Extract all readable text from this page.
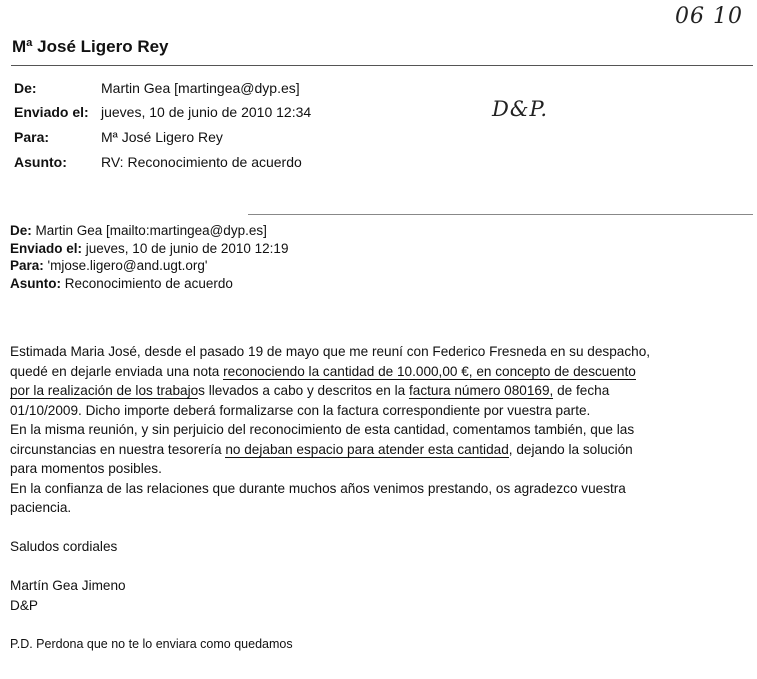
06 10
Mª José Ligero Rey
De:	Martin Gea [martingea@dyp.es]
Enviado el: jueves, 10 de junio de 2010 12:34
Para:	Mª José Ligero Rey
Asunto: RV: Reconocimiento de acuerdo
D&P.
De: Martin Gea [mailto:martingea@dyp.es]
Enviado el: jueves, 10 de junio de 2010 12:19
Para: 'mjose.ligero@and.ugt.org'
Asunto: Reconocimiento de acuerdo
Estimada Maria José, desde el pasado 19 de mayo que me reuní con Federico Fresneda en su despacho,
quedé en dejarle enviada una nota reconociendo la cantidad de 10.000,00 €, en concepto de descuento
por la realización de los trabajos llevados a cabo y descritos en la factura número 080169, de fecha
01/10/2009. Dicho importe deberá formalizarse con la factura correspondiente por vuestra parte.
En la misma reunión, y sin perjuicio del reconocimiento de esta cantidad, comentamos también, que las
circunstancias en nuestra tesorería no dejaban espacio para atender esta cantidad, dejando la solución
para momentos posibles.
En la confianza de las relaciones que durante muchos años venimos prestando, os agradezco vuestra
paciencia.
Saludos cordiales
Martín Gea Jimeno
D&P
P.D. Perdona que no te lo enviara como quedamos
